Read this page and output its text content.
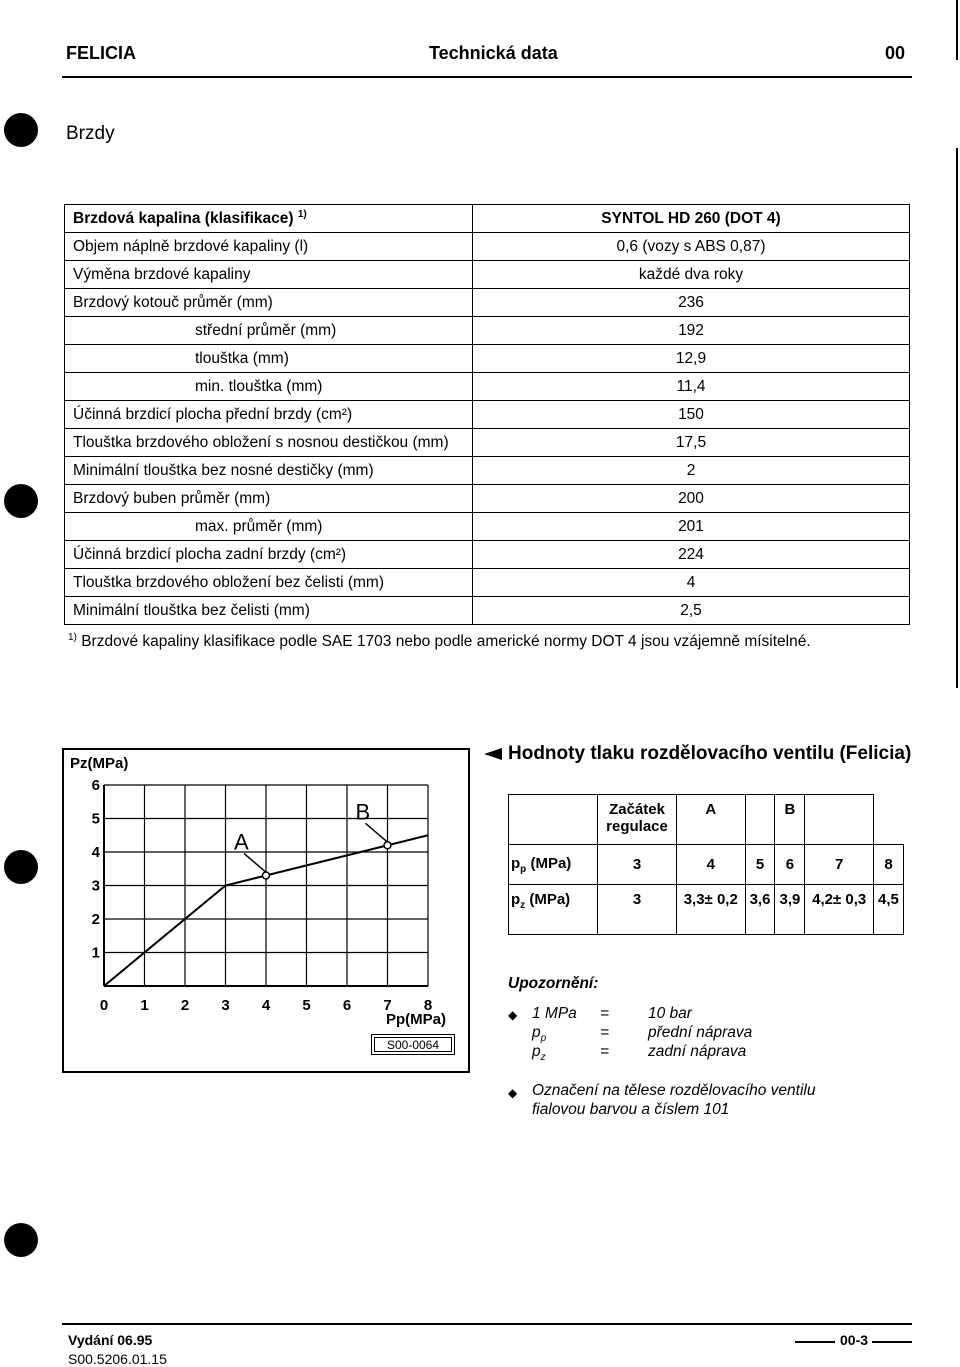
FELICIA	Technická data	00
Brzdy
Brzdová kapalina (klasifikace) $^{1)}$	SYNTOL HD 260 (DOT 4)
Objem náplně brzdové kapaliny (l)	0,6 (vozy s ABS 0,87)
Výměna brzdové kapaliny	každé dva roky
Brzdový kotouč průměr (mm)	236
střední průměr (mm)	192
tlouštka (mm)	12,9
min. tlouštka (mm)	11,4
Účinná brzdicí plocha přední brzdy (cm²)	150
Tlouštka brzdového obložení s nosnou destičkou (mm)	17,5
Minimální tlouštka bez nosné destičky (mm)	2
Brzdový buben průměr (mm)	200
max. průměr (mm)	201
Účinná brzdicí plocha zadní brzdy (cm²)	224
Tlouštka brzdového obložení bez čelisti (mm)	4
Minimální tlouštka bez čelisti (mm)	2,5
$^{1)}$ Brzdové kapaliny klasifikace podle SAE 1703 nebo podle americké normy DOT 4 jsou vzájemně mísitelné.
Pz(MPa)
Pp(MPa)
0 1 2 3 4 5 6 7 8
1
2
3
4
5
6
A
B
S00-0064
Hodnoty tlaku rozdělovacího ventilu (Felicia)
	Začátek regulace	A		B		
$p_p$ (MPa)	3	4	5	6	7	8
$p_z$ (MPa)	3	3,3± 0,2	3,6	3,9	4,2± 0,3	4,5
Upozornění:
◆ 1 MPa =	10 bar
$p_p$	=	přední náprava
$p_z$	=	zadní náprava
◆ Označení na tělese rozdělovacího ventilu
fialovou barvou a číslem 101
Vydání 06.95
S00.5206.01.15
00-3
